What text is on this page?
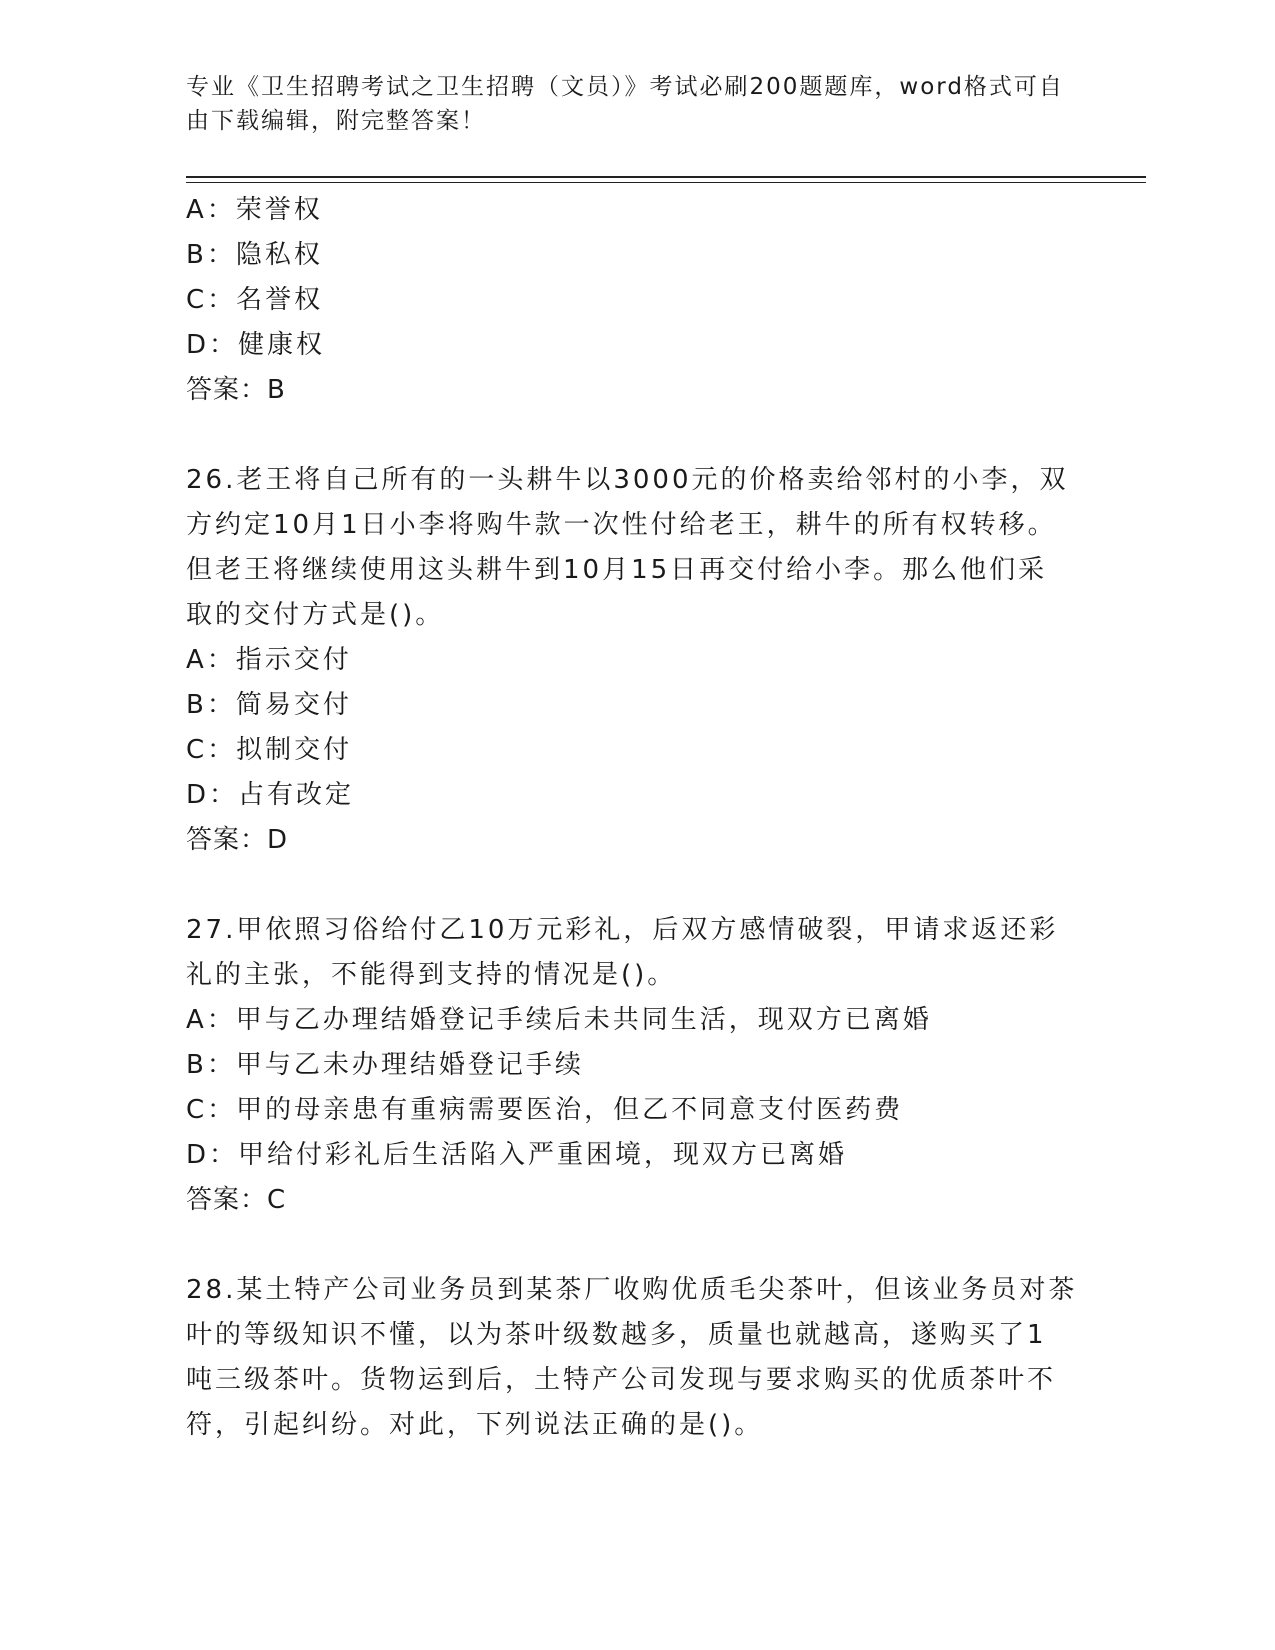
专业《卫生招聘考试之卫生招聘（文员）》考试必刷200题题库，word格式可自
由下载编辑，附完整答案！
A：荣誉权
B：隐私权
C：名誉权
D：健康权
答案：B
26.老王将自己所有的一头耕牛以3000元的价格卖给邻村的小李，双
方约定10月1日小李将购牛款一次性付给老王，耕牛的所有权转移。
但老王将继续使用这头耕牛到10月15日再交付给小李。那么他们采
取的交付方式是()。
A：指示交付
B：简易交付
C：拟制交付
D：占有改定
答案：D
27.甲依照习俗给付乙10万元彩礼，后双方感情破裂，甲请求返还彩
礼的主张，不能得到支持的情况是()。
A：甲与乙办理结婚登记手续后未共同生活，现双方已离婚
B：甲与乙未办理结婚登记手续
C：甲的母亲患有重病需要医治，但乙不同意支付医药费
D：甲给付彩礼后生活陷入严重困境，现双方已离婚
答案：C
28.某土特产公司业务员到某茶厂收购优质毛尖茶叶，但该业务员对茶
叶的等级知识不懂，以为茶叶级数越多，质量也就越高，遂购买了1
吨三级茶叶。货物运到后，土特产公司发现与要求购买的优质茶叶不
符，引起纠纷。对此，下列说法正确的是()。
